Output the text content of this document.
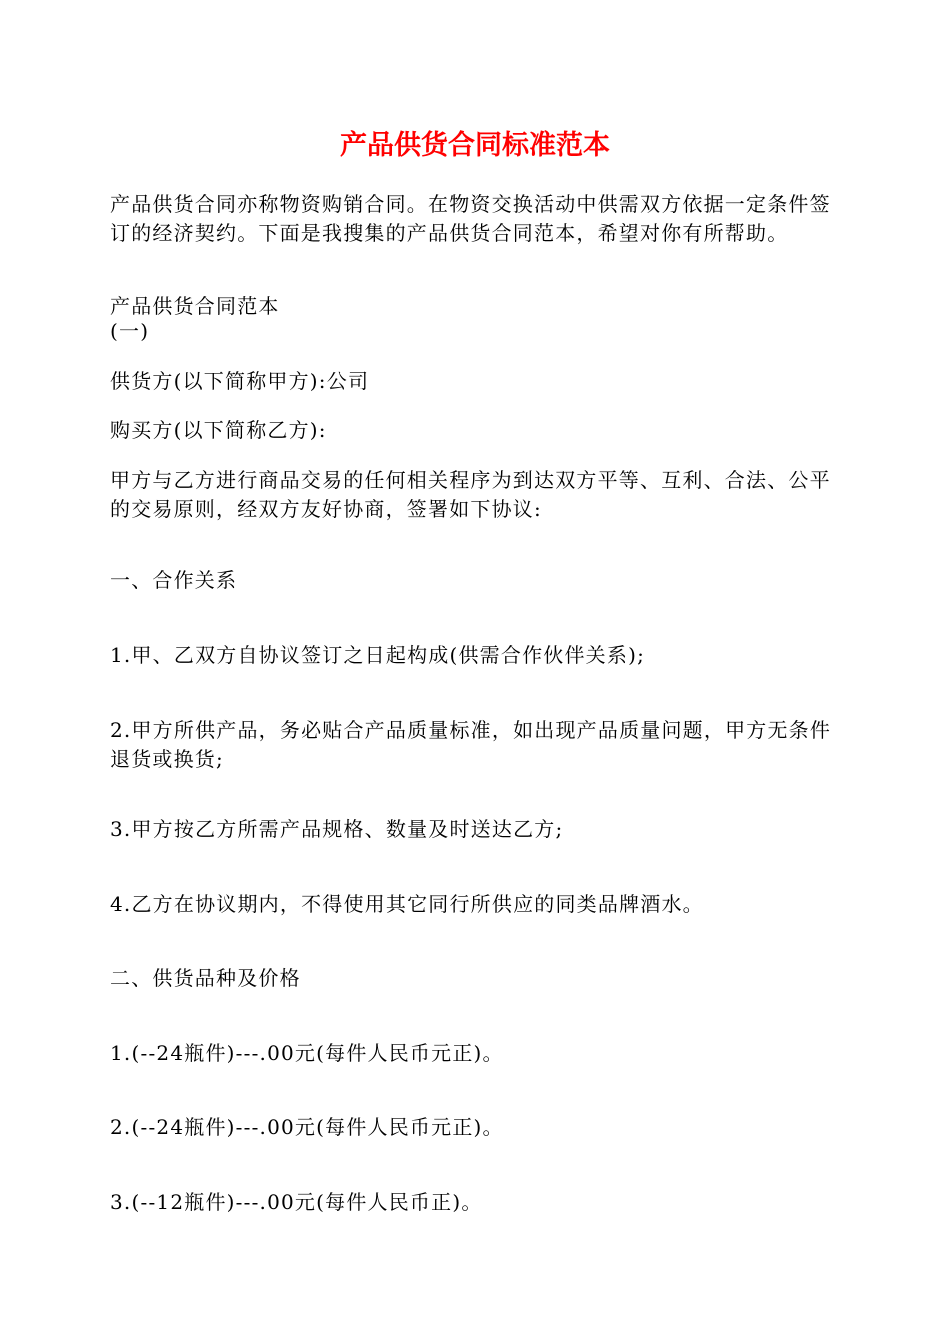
产品供货合同标准范本
产品供货合同亦称物资购销合同。在物资交换活动中供需双方依据一定条件签订的经济契约。下面是我搜集的产品供货合同范本，希望对你有所帮助。
产品供货合同范本
(一)
供货方(以下简称甲方):公司
购买方(以下简称乙方):
甲方与乙方进行商品交易的任何相关程序为到达双方平等、互利、合法、公平的交易原则，经双方友好协商，签署如下协议:
一、合作关系
1.甲、乙双方自协议签订之日起构成(供需合作伙伴关系);
2.甲方所供产品，务必贴合产品质量标准，如出现产品质量问题，甲方无条件退货或换货;
3.甲方按乙方所需产品规格、数量及时送达乙方;
4.乙方在协议期内，不得使用其它同行所供应的同类品牌酒水。
二、供货品种及价格
1.(--24瓶件)---.00元(每件人民币元正)。
2.(--24瓶件)---.00元(每件人民币元正)。
3.(--12瓶件)---.00元(每件人民币正)。
